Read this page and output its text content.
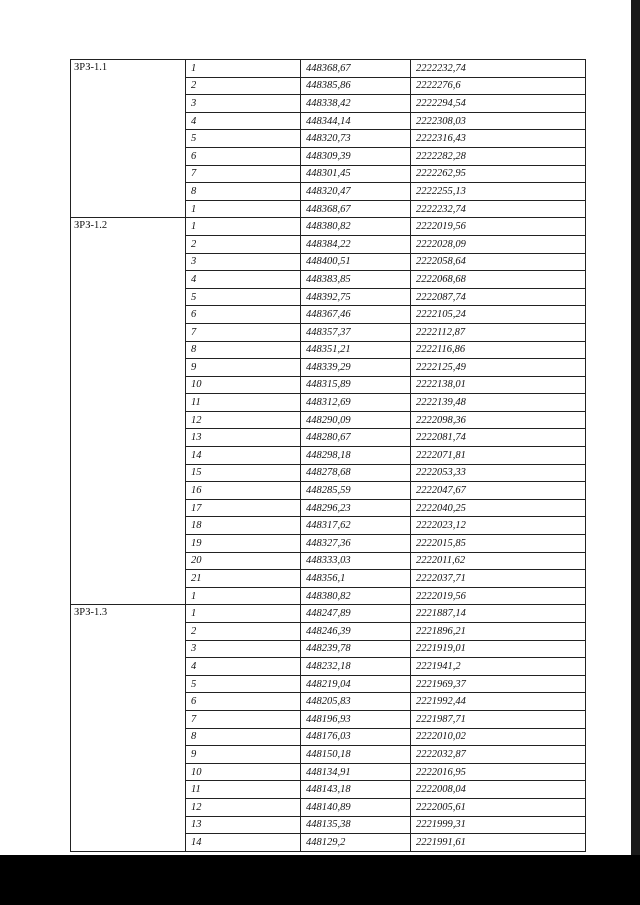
ЗРЗ-1.1	1	448368,67	2222232,74
	2	448385,86	2222276,6
	3	448338,42	2222294,54
	4	448344,14	2222308,03
	5	448320,73	2222316,43
	6	448309,39	2222282,28
	7	448301,45	2222262,95
	8	448320,47	2222255,13
	1	448368,67	2222232,74
ЗРЗ-1.2	1	448380,82	2222019,56
	2	448384,22	2222028,09
	3	448400,51	2222058,64
	4	448383,85	2222068,68
	5	448392,75	2222087,74
	6	448367,46	2222105,24
	7	448357,37	2222112,87
	8	448351,21	2222116,86
	9	448339,29	2222125,49
	10	448315,89	2222138,01
	11	448312,69	2222139,48
	12	448290,09	2222098,36
	13	448280,67	2222081,74
	14	448298,18	2222071,81
	15	448278,68	2222053,33
	16	448285,59	2222047,67
	17	448296,23	2222040,25
	18	448317,62	2222023,12
	19	448327,36	2222015,85
	20	448333,03	2222011,62
	21	448356,1	2222037,71
	1	448380,82	2222019,56
ЗРЗ-1.3	1	448247,89	2221887,14
	2	448246,39	2221896,21
	3	448239,78	2221919,01
	4	448232,18	2221941,2
	5	448219,04	2221969,37
	6	448205,83	2221992,44
	7	448196,93	2221987,71
	8	448176,03	2222010,02
	9	448150,18	2222032,87
	10	448134,91	2222016,95
	11	448143,18	2222008,04
	12	448140,89	2222005,61
	13	448135,38	2221999,31
	14	448129,2	2221991,61
